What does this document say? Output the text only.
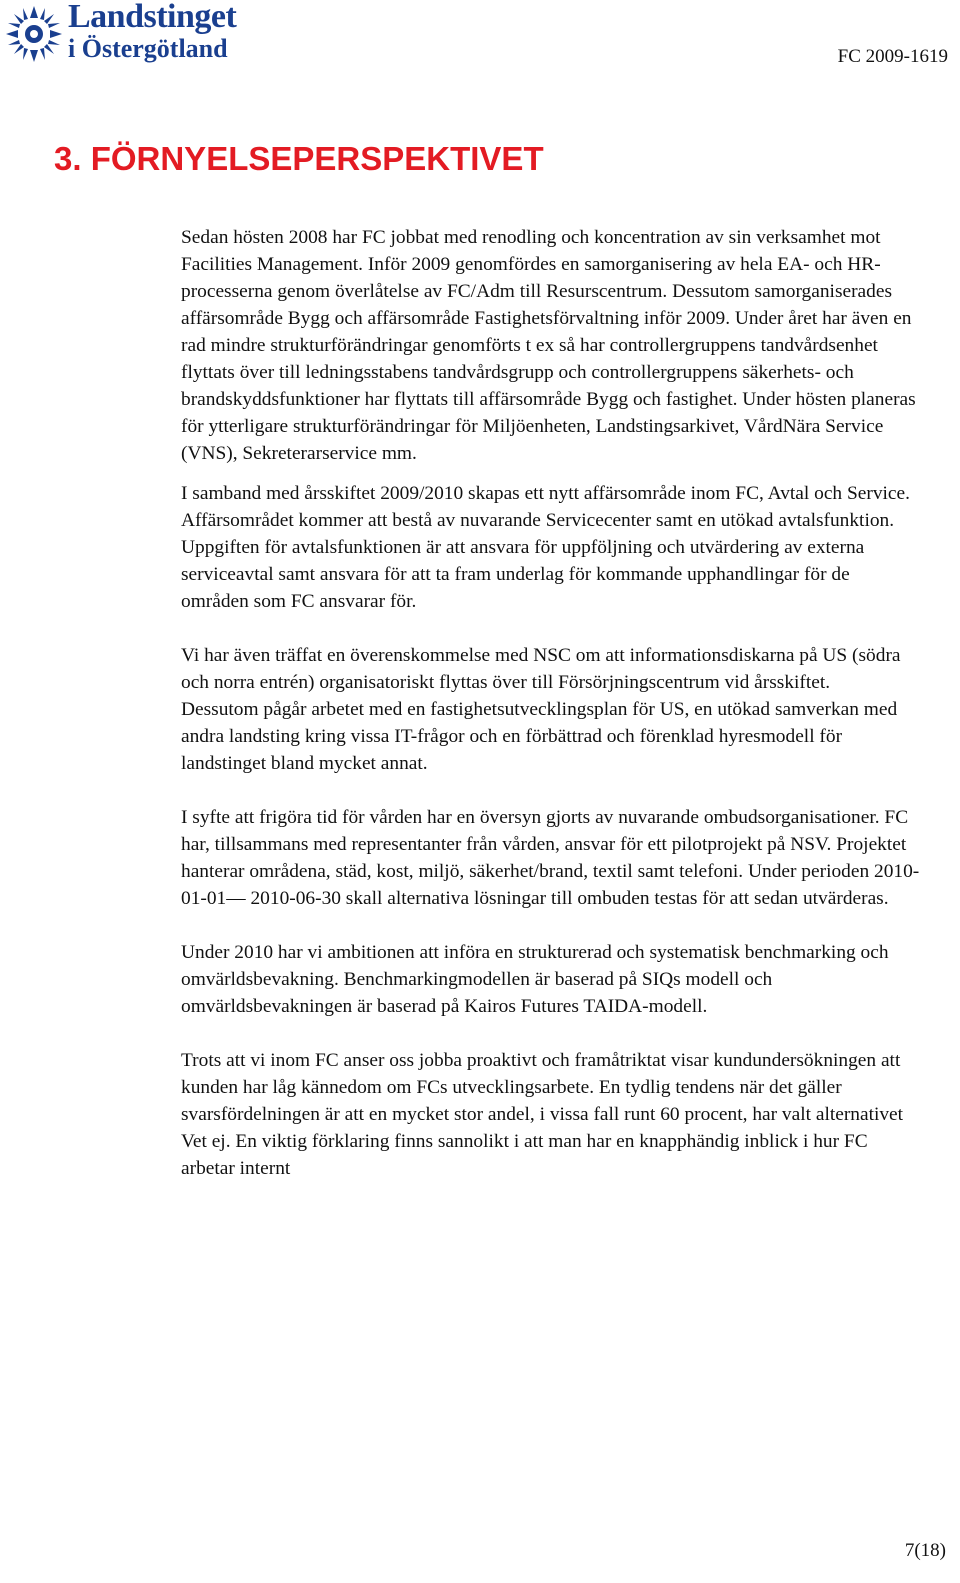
Landstinget
i Östergötland	FC 2009-1619
3. FÖRNYELSEPERSPEKTIVET

Sedan hösten 2008 har FC jobbat med renodling och koncentration av sin verksamhet mot Facilities Management. Inför 2009 genomfördes en samorganisering av hela EA- och HR-processerna genom överlåtelse av FC/Adm till Resurscentrum. Dessutom samorganiserades affärsområde Bygg och affärsområde Fastighetsförvaltning inför 2009. Under året har även en rad mindre strukturförändringar genomförts t ex så har controllergruppens tandvårdsenhet flyttats över till ledningsstabens tandvårdsgrupp och controllergruppens säkerhets- och brandskyddsfunktioner har flyttats till affärsområde Bygg och fastighet. Under hösten planeras för ytterligare strukturförändringar för Miljöenheten, Landstingsarkivet, VårdNära Service (VNS), Sekreterarservice mm.

I samband med årsskiftet 2009/2010 skapas ett nytt affärsområde inom FC, Avtal och Service. Affärsområdet kommer att bestå av nuvarande Servicecenter samt en utökad avtalsfunktion. Uppgiften för avtalsfunktionen är att ansvara för uppföljning och utvärdering av externa serviceavtal samt ansvara för att ta fram underlag för kommande upphandlingar för de områden som FC ansvarar för.

Vi har även träffat en överenskommelse med NSC om att informationsdiskarna på US (södra och norra entrén) organisatoriskt flyttas över till Försörjningscentrum vid årsskiftet.

Dessutom pågår arbetet med en fastighetsutvecklingsplan för US, en utökad samverkan med andra landsting kring vissa IT-frågor och en förbättrad och förenklad hyresmodell för landstinget bland mycket annat.

I syfte att frigöra tid för vården har en översyn gjorts av nuvarande ombudsorganisationer. FC har, tillsammans med representanter från vården, ansvar för ett pilotprojekt på NSV. Projektet hanterar områdena, städ, kost, miljö, säkerhet/brand, textil samt telefoni. Under perioden 2010-01-01— 2010-06-30 skall alternativa lösningar till ombuden testas för att sedan utvärderas.

Under 2010 har vi ambitionen att införa en strukturerad och systematisk benchmarking och omvärldsbevakning. Benchmarkingmodellen är baserad på SIQs modell och omvärldsbevakningen är baserad på Kairos Futures TAIDA-modell.

Trots att vi inom FC anser oss jobba proaktivt och framåtriktat visar kundundersökningen att kunden har låg kännedom om FCs utvecklingsarbete. En tydlig tendens när det gäller svarsfördelningen är att en mycket stor andel, i vissa fall runt 60 procent, har valt alternativet Vet ej. En viktig förklaring finns sannolikt i att man har en knapphändig inblick i hur FC arbetar internt

7(18)
